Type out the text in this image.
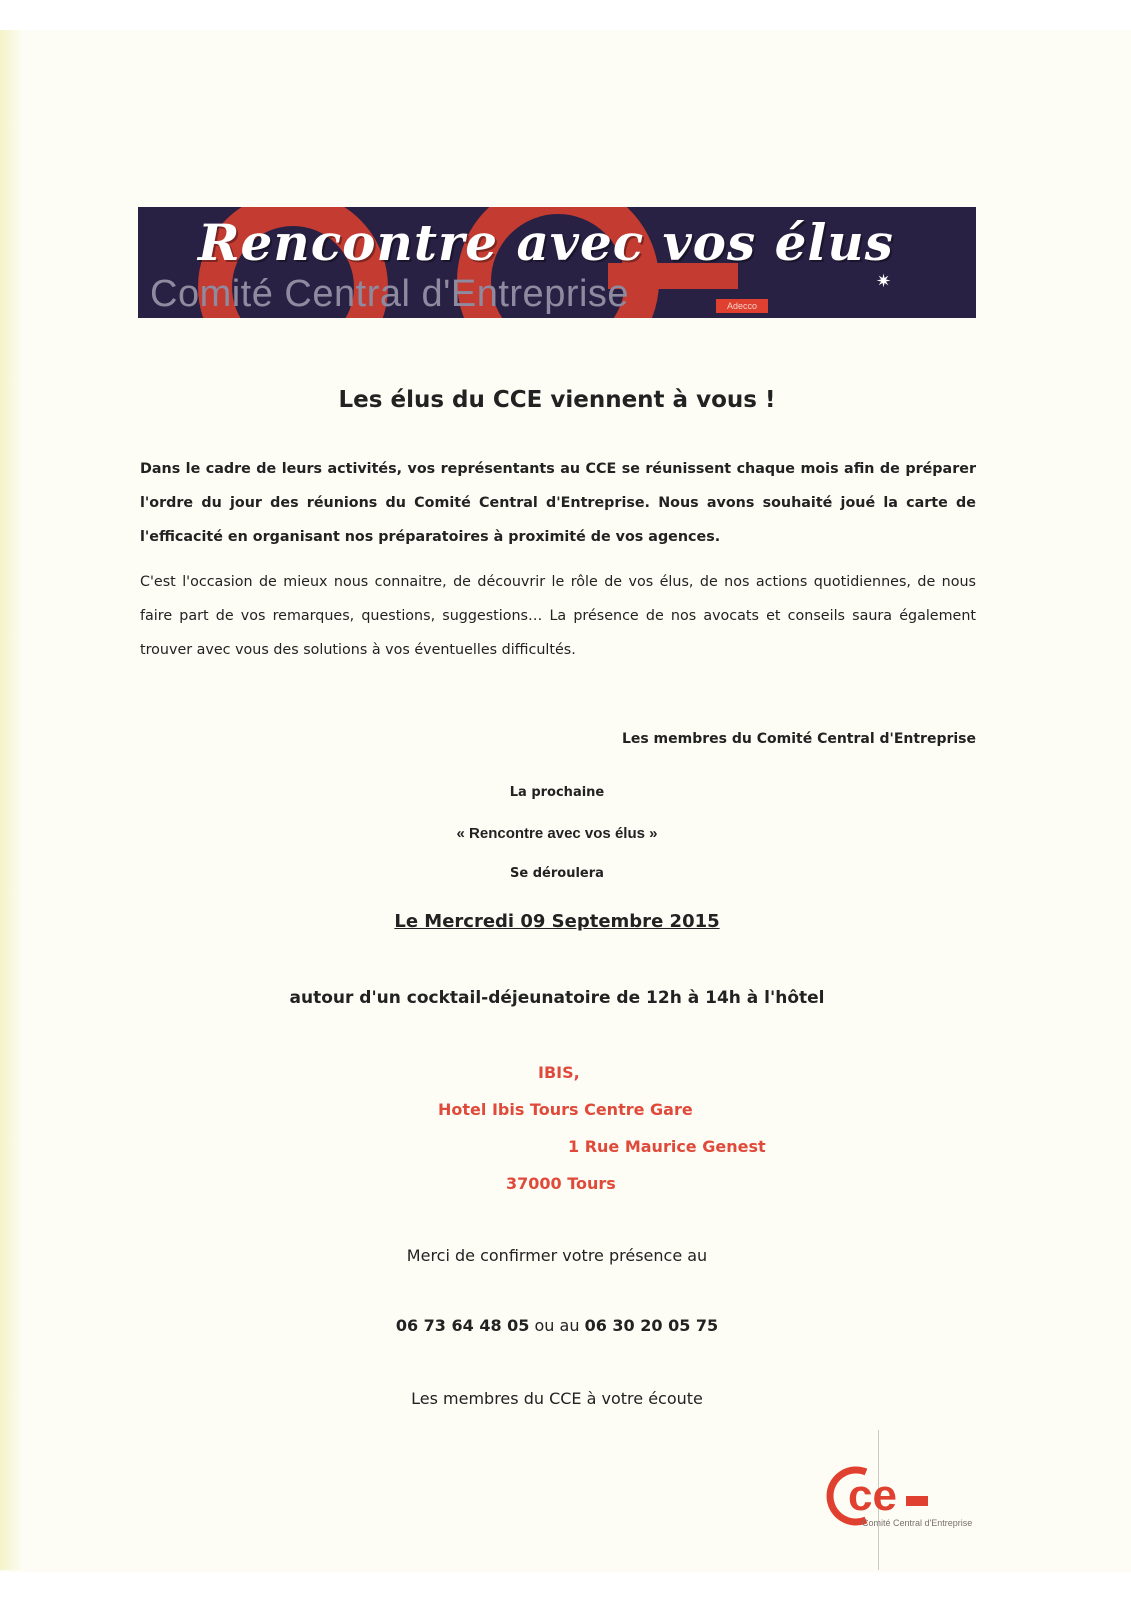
Rencontre avec vos élus
Comité Central d'Entreprise	Adecco
✷
Les élus du CCE viennent à vous !

Dans le cadre de leurs activités, vos représentants au CCE se réunissent chaque mois afin de préparer l'ordre du jour des réunions du Comité Central d'Entreprise. Nous avons souhaité joué la carte de l'efficacité en organisant nos préparatoires à proximité de vos agences.

C'est l'occasion de mieux nous connaitre, de découvrir le rôle de vos élus, de nos actions quotidiennes, de nous faire part de vos remarques, questions, suggestions… La présence de nos avocats et conseils saura également trouver avec vous des solutions à vos éventuelles difficultés.

Les membres du Comité Central d'Entreprise
La prochaine
« Rencontre avec vos élus »
Se déroulera
Le Mercredi 09 Septembre 2015
autour d'un cocktail-déjeunatoire de 12h à 14h à l'hôtel
IBIS,
Hotel Ibis Tours Centre Gare
1 Rue Maurice Genest
37000 Tours
Merci de confirmer votre présence au
06 73 64 48 05 ou au 06 30 20 05 75
Les membres du CCE à votre écoute
ce
Comité Central d'Entreprise
